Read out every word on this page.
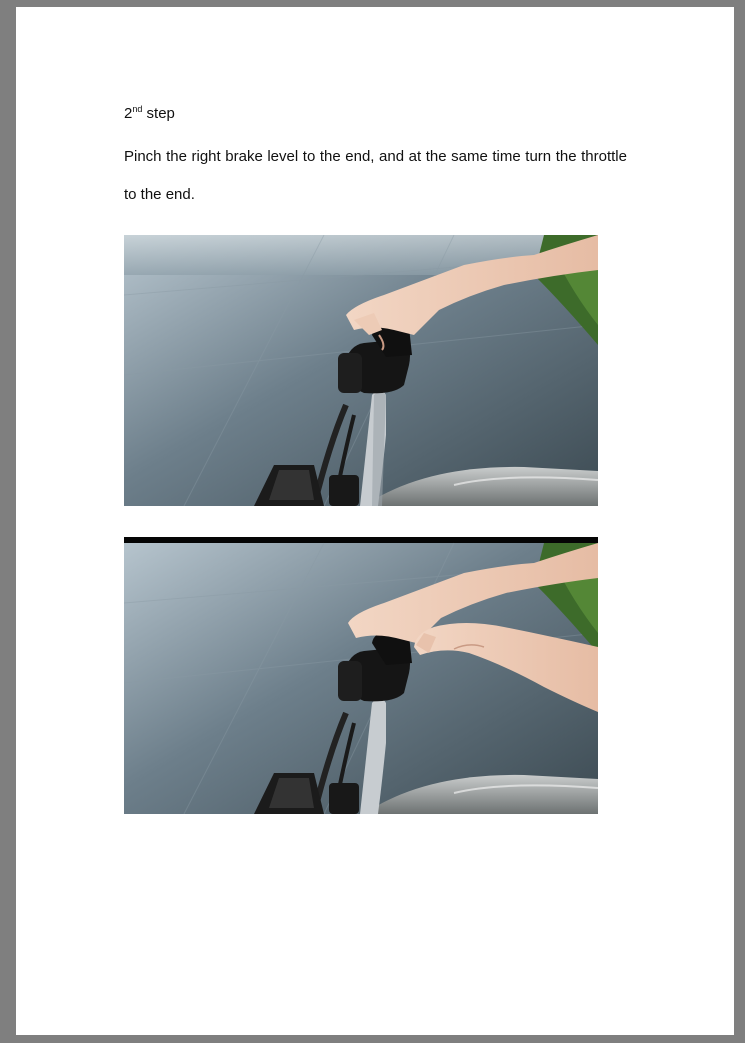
2nd step

Pinch the right brake level to the end, and at the same time turn the throttle to the end.
